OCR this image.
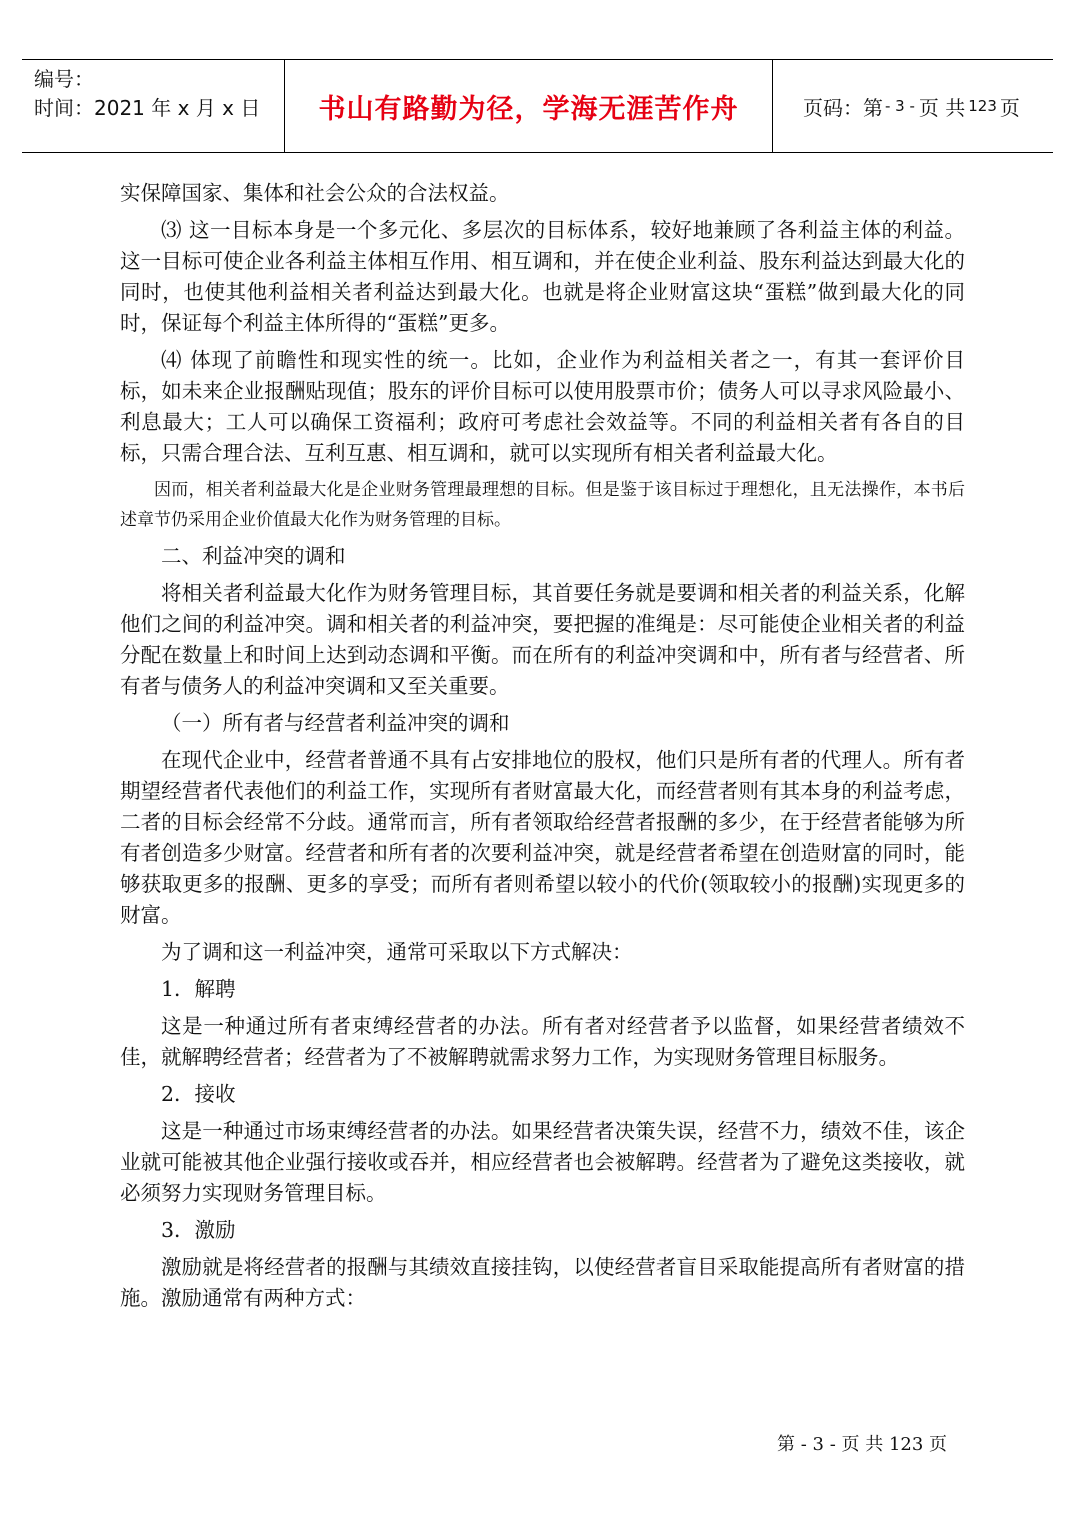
编号：
时间：2021 年 x 月 x 日 书山有路勤为径，学海无涯苦作舟	页码：第 - 3 - 页 共 123 页

实保障国家、集体和社会公众的合法权益。

⑶ 这一目标本身是一个多元化、多层次的目标体系，较好地兼顾了各利益主体的利益。这一目标可使企业各利益主体相互作用、相互调和，并在使企业利益、股东利益达到最大化的同时，也使其他利益相关者利益达到最大化。也就是将企业财富这块“蛋糕”做到最大化的同时，保证每个利益主体所得的“蛋糕”更多。

⑷ 体现了前瞻性和现实性的统一。比如，企业作为利益相关者之一，有其一套评价目标，如未来企业报酬贴现值；股东的评价目标可以使用股票市价；债务人可以寻求风险最小、利息最大；工人可以确保工资福利；政府可考虑社会效益等。不同的利益相关者有各自的目标，只需合理合法、互利互惠、相互调和，就可以实现所有相关者利益最大化。

因而，相关者利益最大化是企业财务管理最理想的目标。但是鉴于该目标过于理想化，且无法操作，本书后述章节仍采用企业价值最大化作为财务管理的目标。

二、利益冲突的调和

将相关者利益最大化作为财务管理目标，其首要任务就是要调和相关者的利益关系，化解他们之间的利益冲突。调和相关者的利益冲突，要把握的准绳是：尽可能使企业相关者的利益分配在数量上和时间上达到动态调和平衡。而在所有的利益冲突调和中，所有者与经营者、所有者与债务人的利益冲突调和又至关重要。

（一）所有者与经营者利益冲突的调和

在现代企业中，经营者普通不具有占安排地位的股权，他们只是所有者的代理人。所有者期望经营者代表他们的利益工作，实现所有者财富最大化，而经营者则有其本身的利益考虑，二者的目标会经常不分歧。通常而言，所有者领取给经营者报酬的多少，在于经营者能够为所有者创造多少财富。经营者和所有者的次要利益冲突，就是经营者希望在创造财富的同时，能够获取更多的报酬、更多的享受；而所有者则希望以较小的代价(领取较小的报酬)实现更多的财富。

为了调和这一利益冲突，通常可采取以下方式解决：

1．解聘

这是一种通过所有者束缚经营者的办法。所有者对经营者予以监督，如果经营者绩效不佳，就解聘经营者；经营者为了不被解聘就需求努力工作，为实现财务管理目标服务。

2．接收

这是一种通过市场束缚经营者的办法。如果经营者决策失误，经营不力，绩效不佳，该企业就可能被其他企业强行接收或吞并，相应经营者也会被解聘。经营者为了避免这类接收，就必须努力实现财务管理目标。

3．激励

激励就是将经营者的报酬与其绩效直接挂钩，以使经营者盲目采取能提高所有者财富的措施。激励通常有两种方式：

第 - 3 - 页 共 123 页
